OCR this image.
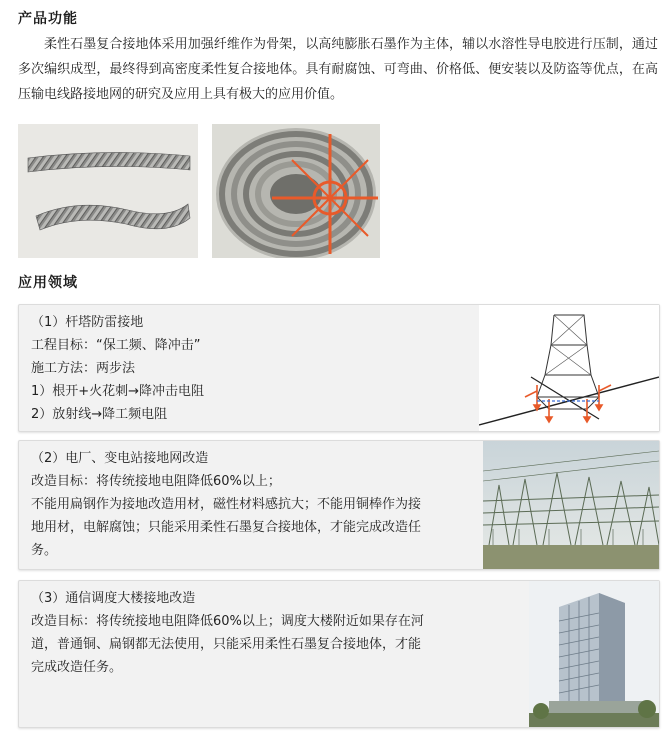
产品功能
柔性石墨复合接地体采用加强纤维作为骨架，以高纯膨胀石墨作为主体，辅以水溶性导电胶进行压制，通过多次编织成型，最终得到高密度柔性复合接地体。具有耐腐蚀、可弯曲、价格低、便安装以及防盗等优点，在高压输电线路接地网的研究及应用上具有极大的应用价值。
应用领域
（1）杆塔防雷接地
工程目标：“保工频、降冲击”
施工方法：两步法
1）根开+火花刺→降冲击电阻
2）放射线→降工频电阻
（2）电厂、变电站接地网改造
改造目标：将传统接地电阻降低60%以上；
不能用扁钢作为接地改造用材，磁性材料感抗大；不能用铜棒作为接
地用材，电解腐蚀；只能采用柔性石墨复合接地体，才能完成改造任
务。
（3）通信调度大楼接地改造
改造目标：将传统接地电阻降低60%以上；调度大楼附近如果存在河
道，普通铜、扁钢都无法使用，只能采用柔性石墨复合接地体，才能
完成改造任务。
